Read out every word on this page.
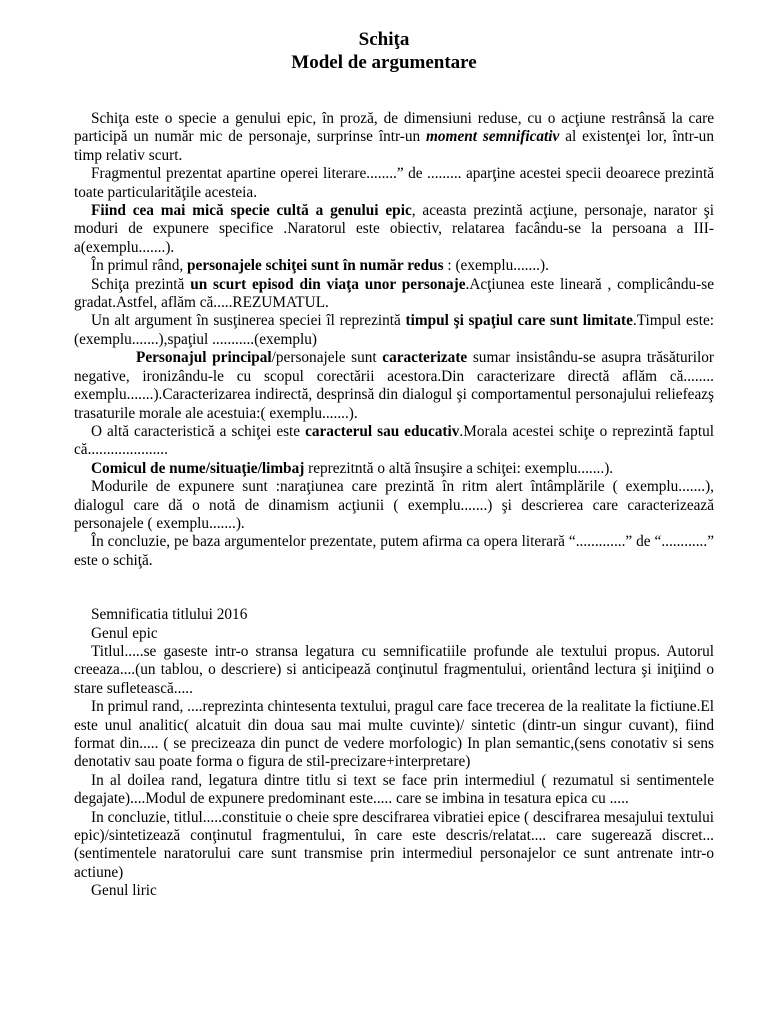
Schiţa
Model de argumentare

Schiţa este o specie a genului epic, în proză, de dimensiuni reduse, cu o acţiune restrânsă la care participă un număr mic de personaje, surprinse într-un moment semnificativ al existenţei lor, într-un timp relativ scurt.

Fragmentul prezentat apartine operei literare........” de ......... aparţine acestei specii deoarece prezintă toate particularităţile acesteia.

Fiind cea mai mică specie cultă a genului epic, aceasta prezintă acţiune, personaje, narator şi moduri de expunere specifice .Naratorul este obiectiv, relatarea facându-se la persoana a III-a(exemplu.......).

În primul rând, personajele schiţei sunt în număr redus : (exemplu.......).

Schiţa prezintă un scurt episod din viaţa unor personaje.Acţiunea este lineară , complicându-se gradat.Astfel, aflăm că.....REZUMATUL.

Un alt argument în susţinerea speciei îl reprezintă timpul şi spaţiul care sunt limitate.Timpul este: (exemplu.......),spaţiul ...........(exemplu)

Personajul principal/personajele sunt caracterizate sumar insistându-se asupra trăsăturilor negative, ironizându-le cu scopul corectării acestora.Din caracterizare directă aflăm că........ exemplu.......).Caracterizarea indirectă, desprinsă din dialogul şi comportamentul personajului reliefeazş trasaturile morale ale acestuia:( exemplu.......).

O altă caracteristică a schiţei este caracterul sau educativ.Morala acestei schiţe o reprezintă faptul că.....................

Comicul de nume/situaţie/limbaj reprezitntă o altă însuşire a schiţei: exemplu.......).

Modurile de expunere sunt :naraţiunea care prezintă în ritm alert întâmplările ( exemplu.......), dialogul care dă o notă de dinamism acţiunii ( exemplu.......) şi descrierea care caracterizează personajele ( exemplu.......).

În concluzie, pe baza argumentelor prezentate, putem afirma ca opera literară “.............” de “............” este o schiţă.

Semnificatia titlului 2016

Genul epic

Titlul.....se gaseste intr-o stransa legatura cu semnificatiile profunde ale textului propus. Autorul creeaza....(un tablou, o descriere) si anticipează conţinutul fragmentului, orientând lectura şi iniţiind o stare sufletească.....

In primul rand, ....reprezinta chintesenta textului, pragul care face trecerea de la realitate la fictiune.El este unul analitic( alcatuit din doua sau mai multe cuvinte)/ sintetic (dintr-un singur cuvant), fiind format din..... ( se precizeaza din punct de vedere morfologic) In plan semantic,(sens conotativ si sens denotativ sau poate forma o figura de stil-precizare+interpretare)

In al doilea rand, legatura dintre titlu si text se face prin intermediul ( rezumatul si sentimentele degajate)....Modul de expunere predominant este..... care se imbina in tesatura epica cu .....

In concluzie, titlul.....constituie o cheie spre descifrarea vibratiei epice ( descifrarea mesajului textului epic)/sintetizează conţinutul fragmentului, în care este descris/relatat.... care sugerează discret... (sentimentele naratorului care sunt transmise prin intermediul personajelor ce sunt antrenate intr-o actiune)

Genul liric
